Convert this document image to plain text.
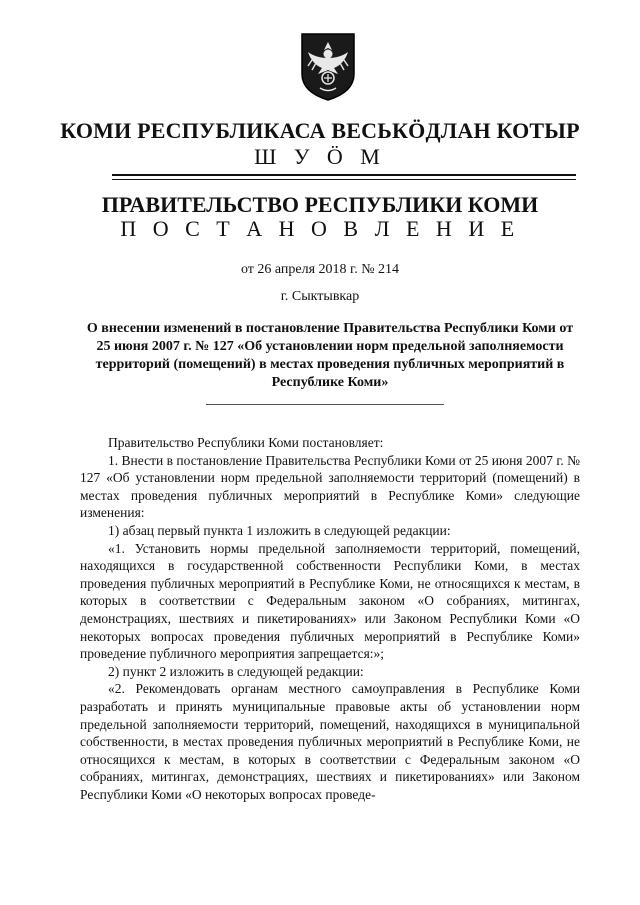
КОМИ РЕСПУБЛИКАСА ВЕСЬКӦДЛАН КОТЫР
Ш У Ӧ М
ПРАВИТЕЛЬСТВО РЕСПУБЛИКИ КОМИ
П О С Т А Н О В Л Е Н И Е
от 26 апреля 2018 г. № 214
г. Сыктывкар
О внесении изменений в постановление Правительства Республики Коми от 25 июня 2007 г. № 127 «Об установлении норм предельной заполняемости территорий (помещений) в местах проведения публичных мероприятий в Республике Коми»

Правительство Республики Коми постановляет:

1. Внести в постановление Правительства Республики Коми от 25 июня 2007 г. № 127 «Об установлении норм предельной заполняемости территорий (помещений) в местах проведения публичных мероприятий в Республике Коми» следующие изменения:

1) абзац первый пункта 1 изложить в следующей редакции:

«1. Установить нормы предельной заполняемости территорий, помещений, находящихся в государственной собственности Республики Коми, в местах проведения публичных мероприятий в Республике Коми, не относящихся к местам, в которых в соответствии с Федеральным законом «О собраниях, митингах, демонстрациях, шествиях и пикетированиях» или Законом Республики Коми «О некоторых вопросах проведения публичных мероприятий в Республике Коми» проведение публичного мероприятия запрещается:»;

2) пункт 2 изложить в следующей редакции:

«2. Рекомендовать органам местного самоуправления в Республике Коми разработать и принять муниципальные правовые акты об установлении норм предельной заполняемости территорий, помещений, находящихся в муниципальной собственности, в местах проведения публичных мероприятий в Республике Коми, не относящихся к местам, в которых в соответствии с Федеральным законом «О собраниях, митингах, демонстрациях, шествиях и пикетированиях» или Законом Республики Коми «О некоторых вопросах проведе-
